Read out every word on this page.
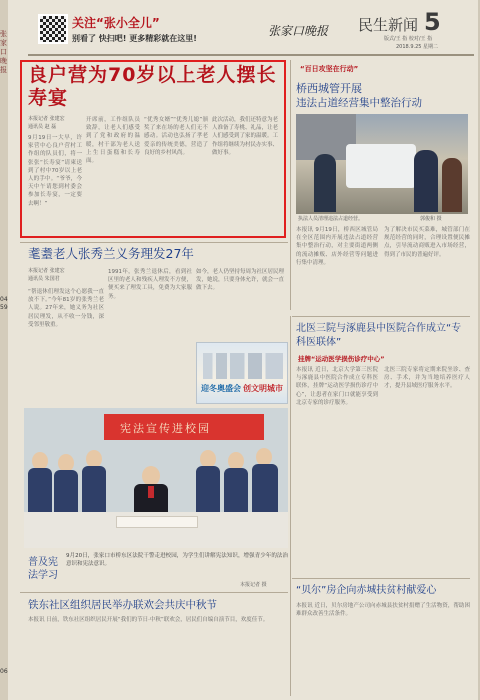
张家口晚报
04 59
06
关注“张小全儿”
别看了 快扫吧! 更多精彩就在这里!
张家口晚报 民生新闻 5
版式/王 指 校对/王 指
2018.9.25 星期二
良户营为70岁以上老人摆长寿宴
本报记者 张建宏
通讯员 赵 磊
9月19日一大早，许家营中心良户营村工作组的队员们，将一张张“长寿宴”请柬送到了村中70岁以上老人的手中。“爷爷，今天中午请您到村委会参加长寿宴，一定要去啊！”
开席前，工作组队员致辞，让老人们感受到了党和政府的温暖，村干部为老人送上生日蛋糕和长寿面。
“优秀女婿”“优秀儿媳”颁奖了来在场的老人们无不感动。活动也弘扬了孝老爱亲的传统美德，营造了良好的乡村风尚。
此次活动，我们还特意为老人准备了寿桃、礼品，让老人们感受到了家的温暖。工作组将继续为村民办实事、做好事。
“百日攻坚在行动”
桥西城管开展
违法占道经营集中整治行动
执法人员清理违法占道经营。	郭俊和 摄
本报讯 9月19日，桥西区城管局在全区范围内开展违法占道经营集中整治行动，对主要街道两侧的流动摊贩、店外经营等问题进行集中清理。
为了解决市民买菜难，城管部门在规范经营的同时，合理设置便民摊点，引导流动商贩进入市场经营，得到了市民的普遍好评。
耄耋老人张秀兰义务理发27年
本报记者 张建宏
通讯员 朱国君
“帮退休们理发这个心愿我一直放不下。”今年81岁的张秀兰老人说。27年来，她义务为社区居民理发，从不收一分钱，深受邻里敬重。
1991年，张秀兰退休后，看到社区里的老人和残疾人理发不方便，便买来了理发工具，免费为大家服务。
如今，老人仍坚持每周为社区居民理发，她说，只要身体允许，就会一直做下去。
迎冬奥盛会 创文明城市
宪法宣传进校园
9月20日，张家口市桥东区法院干警走进校园，为学生们讲解宪法知识，增强青少年的法治意识和宪法意识。
本报记者 摄
普及宪法学习
铁东社区组织居民举办联欢会共庆中秋节
本报讯 日前，铁东社区组织居民开展“我们的节日·中秋”联欢会，居民们自编自演节目，欢度佳节。
北医三院与涿鹿县中医院合作成立“专科医联体”
挂牌“运动医学损伤诊疗中心”
本报讯 近日，北京大学第三医院与涿鹿县中医院合作成立专科医联体，挂牌“运动医学损伤诊疗中心”，让患者在家门口就能享受到北京专家的诊疗服务。
北医三院专家将定期来院坐诊、查房、手术，并为当地培养医疗人才，提升县域医疗服务水平。
“贝尔”房企向赤城扶贫村献爱心
本报讯 近日，贝尔房地产公司向赤城县扶贫村捐赠了生活物资，帮助困难群众改善生活条件。
